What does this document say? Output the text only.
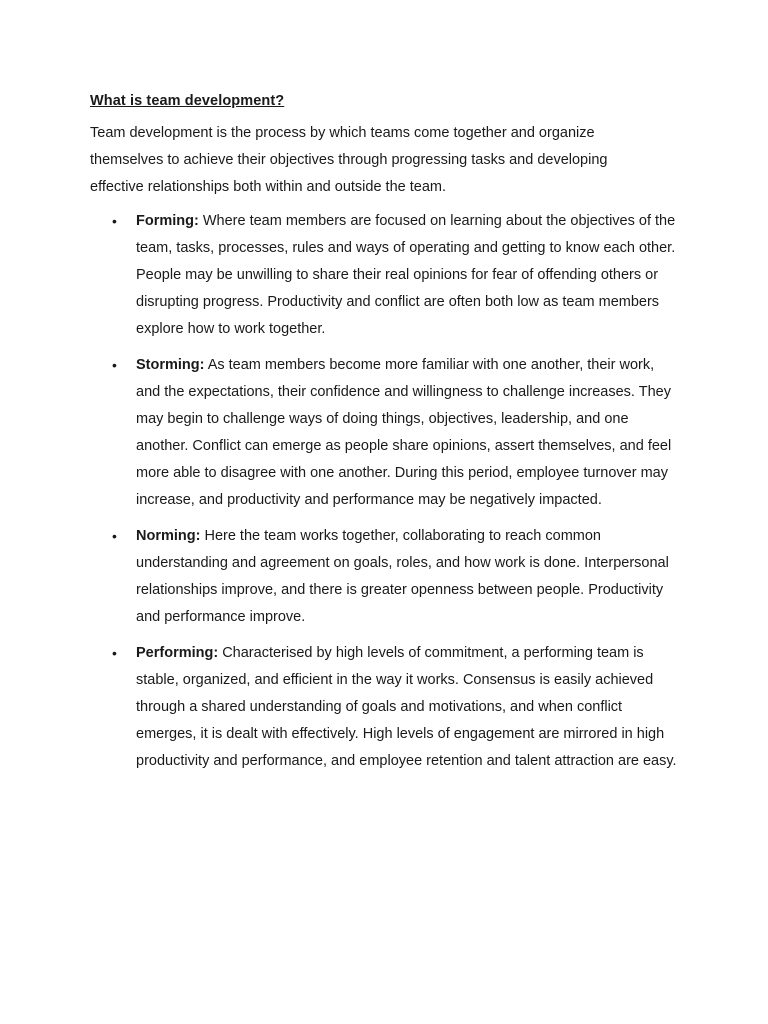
What is team development?

Team development is the process by which teams come together and organize themselves to achieve their objectives through progressing tasks and developing effective relationships both within and outside the team.

• Forming: Where team members are focused on learning about the objectives of the team, tasks, processes, rules and ways of operating and getting to know each other. People may be unwilling to share their real opinions for fear of offending others or disrupting progress. Productivity and conflict are often both low as team members explore how to work together.
• Storming: As team members become more familiar with one another, their work, and the expectations, their confidence and willingness to challenge increases. They may begin to challenge ways of doing things, objectives, leadership, and one another. Conflict can emerge as people share opinions, assert themselves, and feel more able to disagree with one another. During this period, employee turnover may increase, and productivity and performance may be negatively impacted.
• Norming: Here the team works together, collaborating to reach common understanding and agreement on goals, roles, and how work is done. Interpersonal relationships improve, and there is greater openness between people. Productivity and performance improve.
• Performing: Characterised by high levels of commitment, a performing team is stable, organized, and efficient in the way it works. Consensus is easily achieved through a shared understanding of goals and motivations, and when conflict emerges, it is dealt with effectively. High levels of engagement are mirrored in high productivity and performance, and employee retention and talent attraction are easy.
